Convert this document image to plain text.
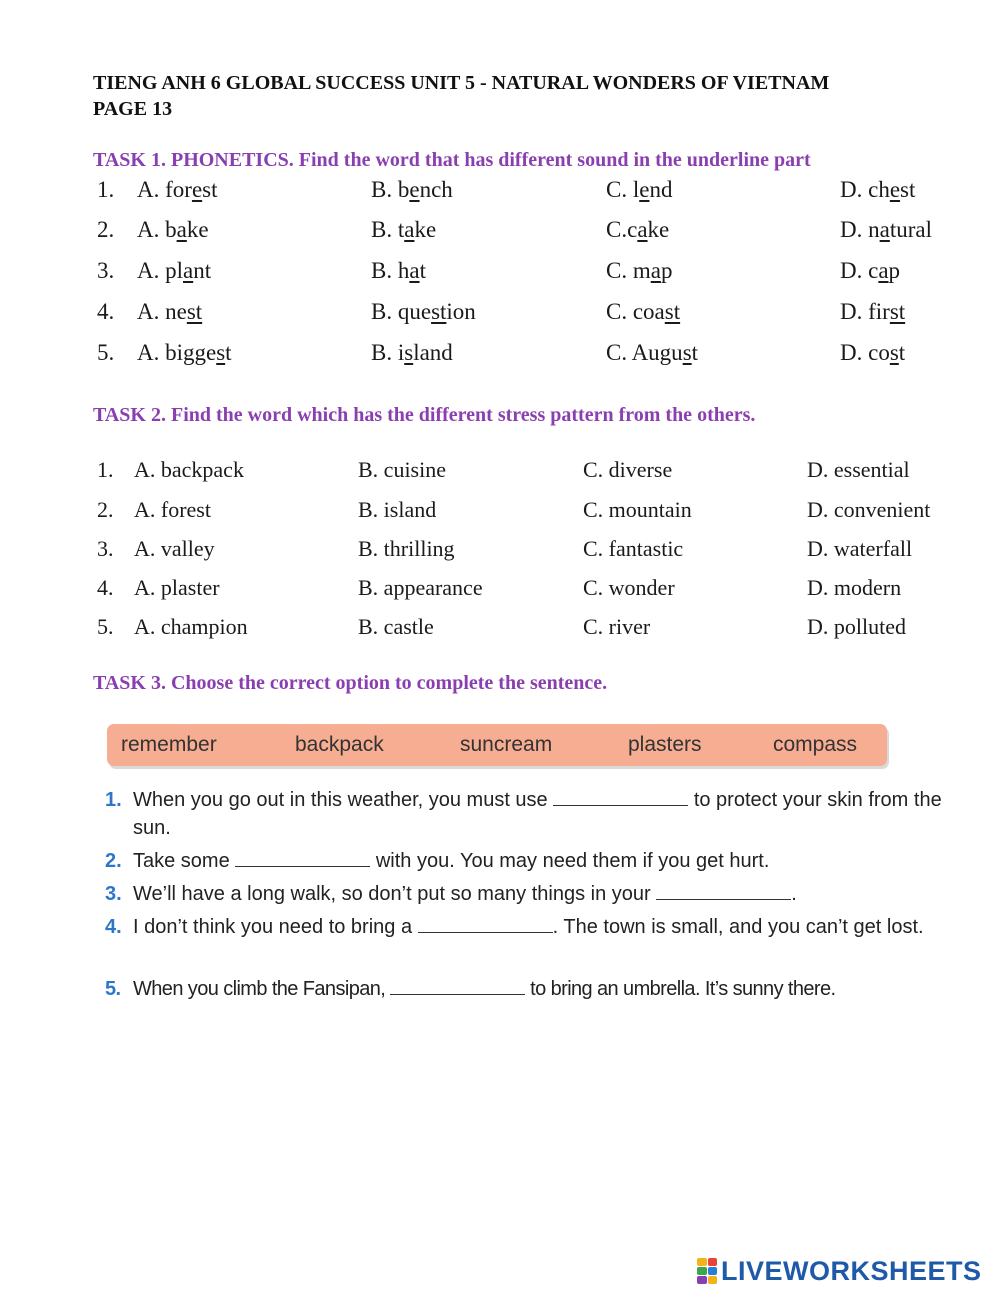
TIENG ANH 6 GLOBAL SUCCESS UNIT 5 - NATURAL WONDERS OF VIETNAM
PAGE 13
TASK 1. PHONETICS. Find the word that has different sound in the underline part
1. A. forest	B. bench	C. lend	D. chest
2. A. bake	B. take	C.cake	D. natural
3. A. plant	B. hat	C. map	D. cap
4. A. nest	B. question	C. coast	D. first
5. A. biggest	B. island	C. August	D. cost
TASK 2. Find the word which has the different stress pattern from the others.
1. A. backpack	B. cuisine	C. diverse	D. essential
2. A. forest	B. island	C. mountain	D. convenient
3. A. valley	B. thrilling	C. fantastic	D. waterfall
4. A. plaster	B. appearance	C. wonder	D. modern
5. A. champion	B. castle	C. river	D. polluted
TASK 3. Choose the correct option to complete the sentence.
remember	backpack	suncream	plasters	compass
1. When you go out in this weather, you must use	to protect your skin from the sun.
2. Take some	with you. You may need them if you get hurt.
3. We’ll have a long walk, so don’t put so many things in your	.
4. I don’t think you need to bring a	. The town is small, and you can’t get lost.
5. When you climb the Fansipan,	to bring an umbrella. It’s sunny there.
LIVEWORKSHEETS
